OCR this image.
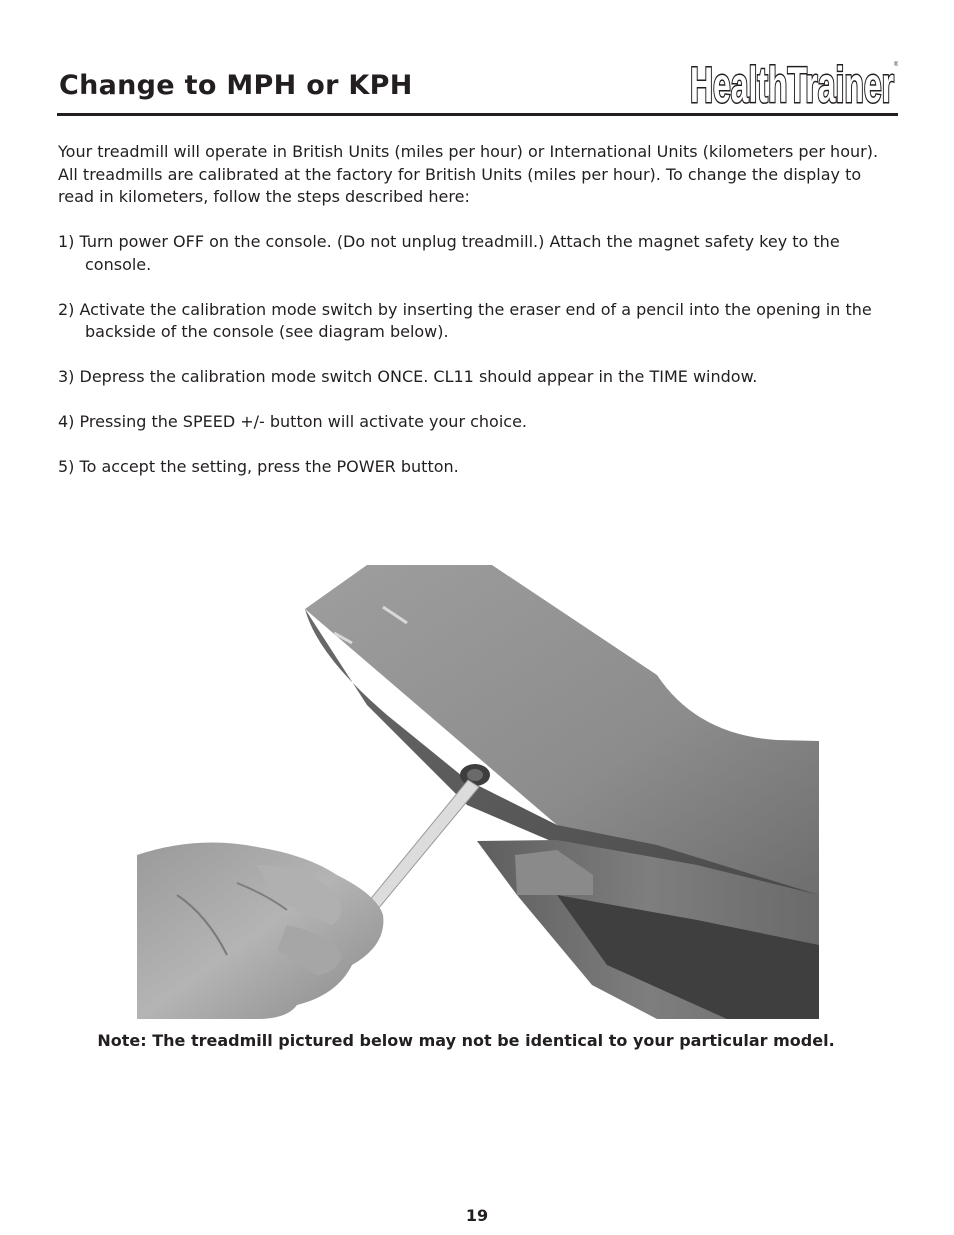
Change to MPH or KPH	HealthTrainer ®

Your treadmill will operate in British Units (miles per hour) or International Units (kilometers per hour). All treadmills are calibrated at the factory for British Units (miles per hour). To change the display to read in kilometers, follow the steps described here:

1) Turn power OFF on the console. (Do not unplug treadmill.) Attach the magnet safety key to the console.

2) Activate the calibration mode switch by inserting the eraser end of a pencil into the opening in the backside of the console (see diagram below).

3) Depress the calibration mode switch ONCE. CL11 should appear in the TIME window.

4) Pressing the SPEED +/- button will activate your choice.

5) To accept the setting, press the POWER button.

Note: The treadmill pictured below may not be identical to your particular model.
19
